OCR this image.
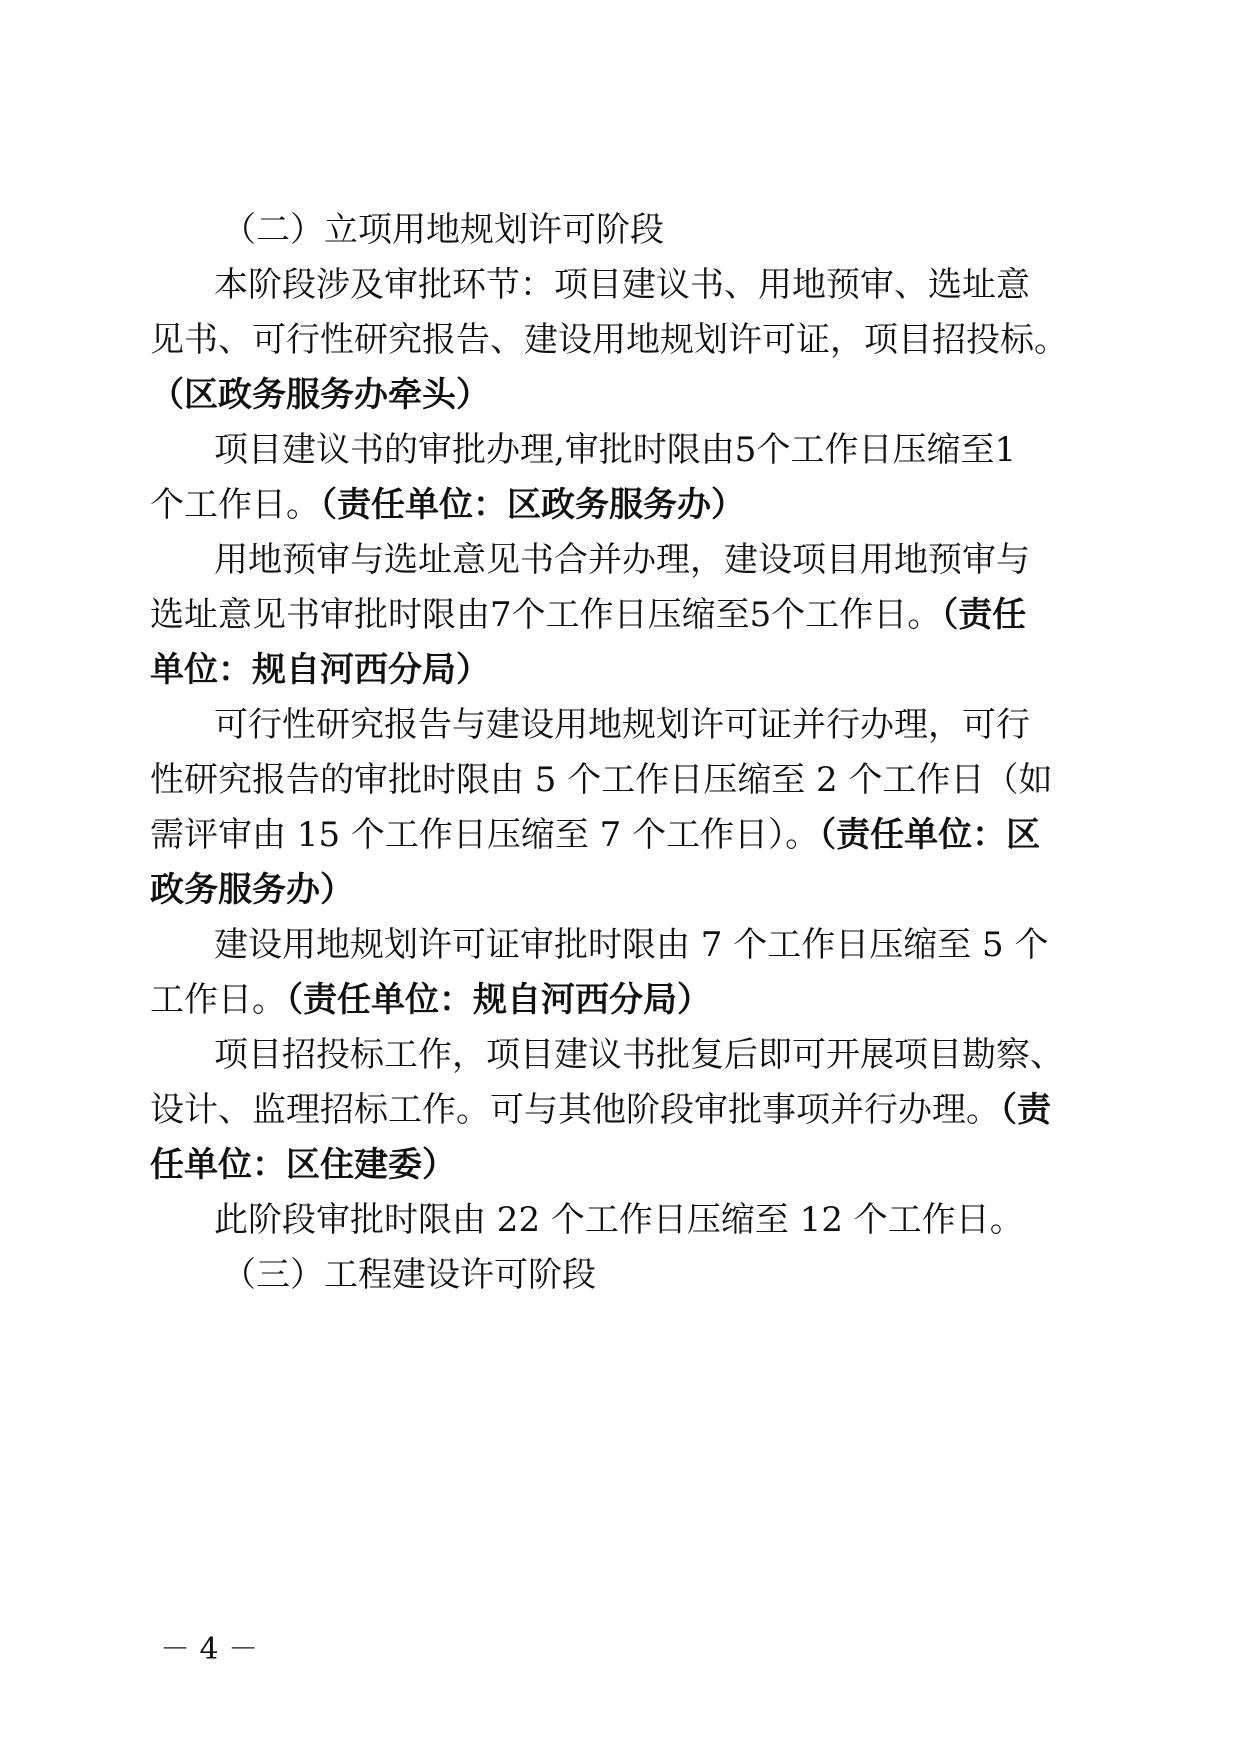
（二）立项用地规划许可阶段

本阶段涉及审批环节：项目建议书、用地预审、选址意

见书、可行性研究报告、建设用地规划许可证，项目招投标。

（区政务服务办牵头）

项目建议书的审批办理,审批时限由5个工作日压缩至1

个工作日。（责任单位：区政务服务办）

用地预审与选址意见书合并办理，建设项目用地预审与

选址意见书审批时限由7个工作日压缩至5个工作日。（责任

单位：规自河西分局）

可行性研究报告与建设用地规划许可证并行办理，可行

性研究报告的审批时限由 5 个工作日压缩至 2 个工作日（如

需评审由 15 个工作日压缩至 7 个工作日）。（责任单位：区

政务服务办）

建设用地规划许可证审批时限由 7 个工作日压缩至 5 个

工作日。（责任单位：规自河西分局）

项目招投标工作，项目建议书批复后即可开展项目勘察、

设计、监理招标工作。可与其他阶段审批事项并行办理。（责

任单位：区住建委）

此阶段审批时限由 22 个工作日压缩至 12 个工作日。

（三）工程建设许可阶段

－ 4 －
